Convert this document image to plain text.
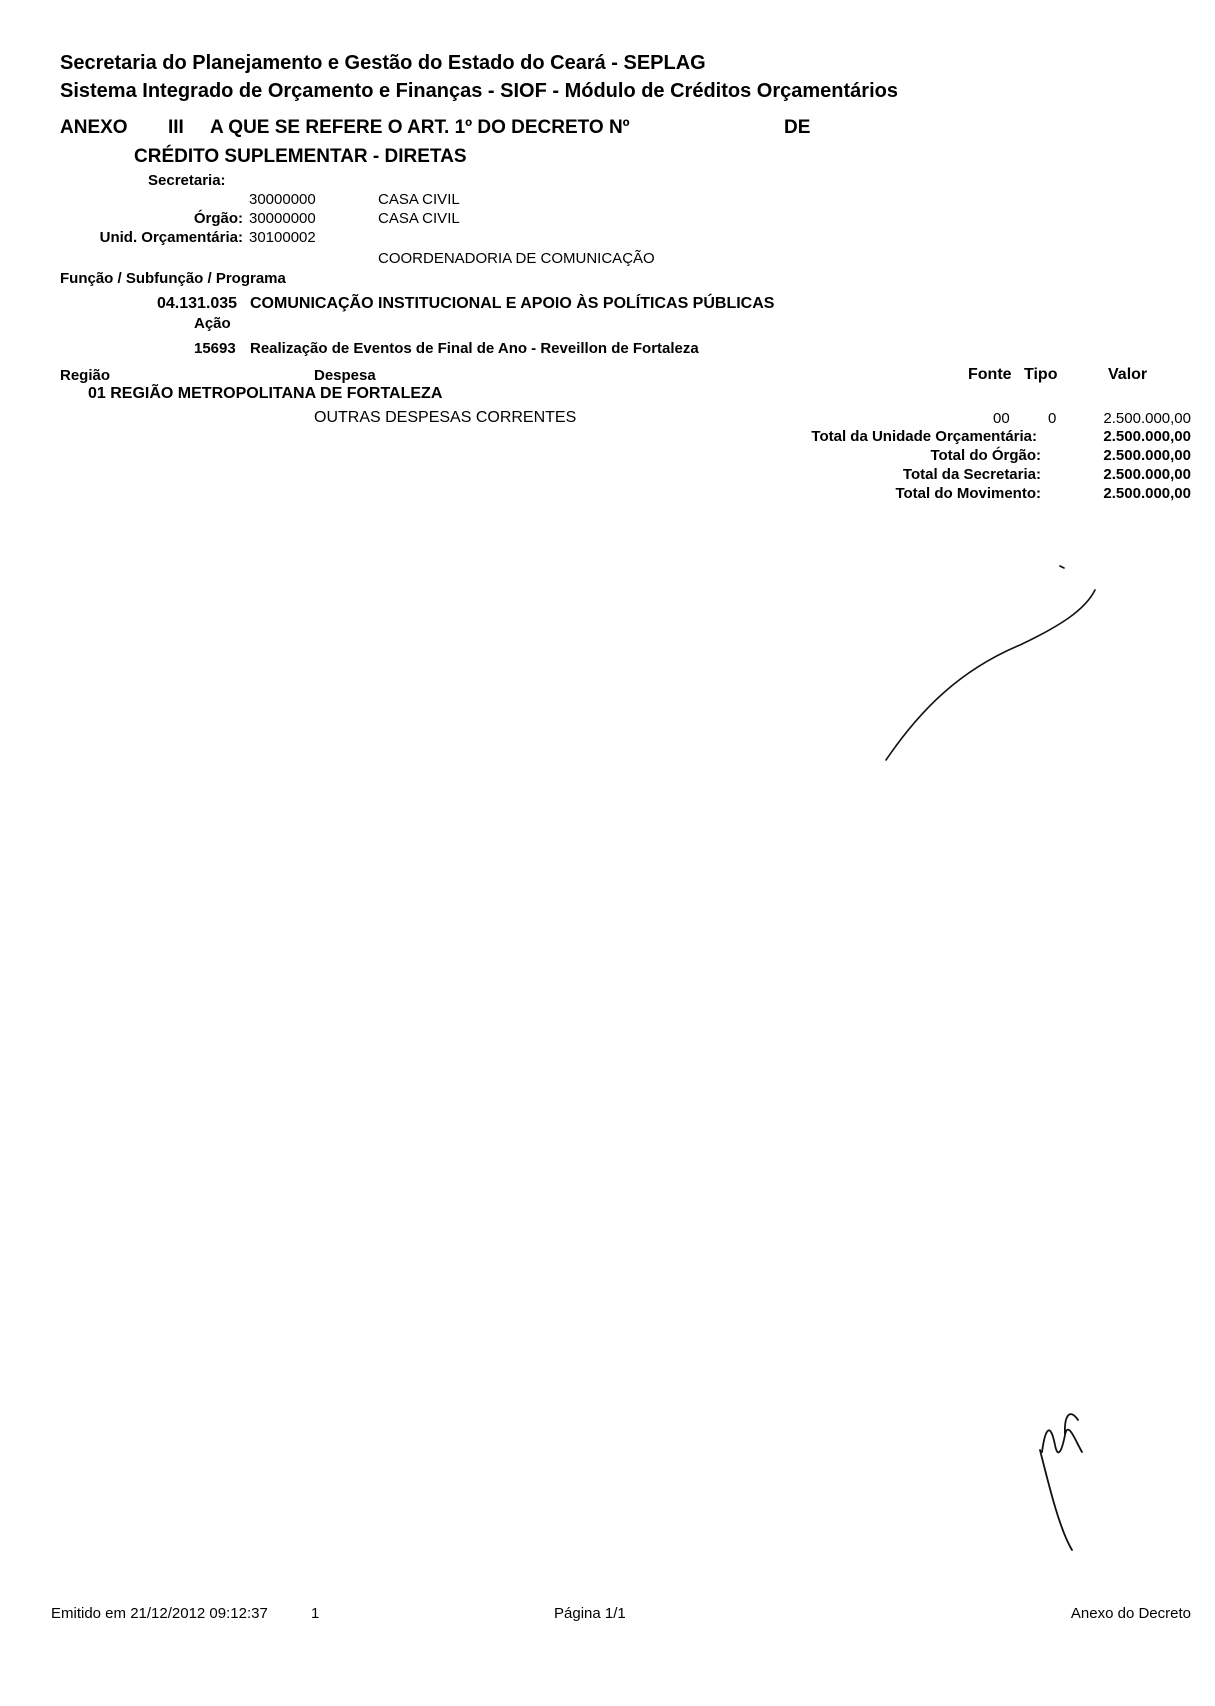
Secretaria do Planejamento e Gestão do Estado do Ceará - SEPLAG
Sistema Integrado de Orçamento e Finanças - SIOF - Módulo de Créditos Orçamentários
ANEXO III A QUE SE REFERE O ART. 1º DO DECRETO Nº	DE
CRÉDITO SUPLEMENTAR - DIRETAS
Secretaria:
30000000	CASA CIVIL
Órgão: 30000000	CASA CIVIL
Unid. Orçamentária: 30100002
COORDENADORIA DE COMUNICAÇÃO
Função / Subfunção / Programa
04.131.035 COMUNICAÇÃO INSTITUCIONAL E APOIO ÀS POLÍTICAS PÚBLICAS
Ação
15693 Realização de Eventos de Final de Ano - Reveillon de Fortaleza
Região	Despesa	Fonte Tipo	Valor
01 REGIÃO METROPOLITANA DE FORTALEZA
OUTRAS DESPESAS CORRENTES	00	0	2.500.000,00
Total da Unidade Orçamentária:	2.500.000,00
Total do Órgão:	2.500.000,00
Total da Secretaria:	2.500.000,00
Total do Movimento:	2.500.000,00
Emitido em 21/12/2012 09:12:37	1	Página 1/1	Anexo do Decreto
